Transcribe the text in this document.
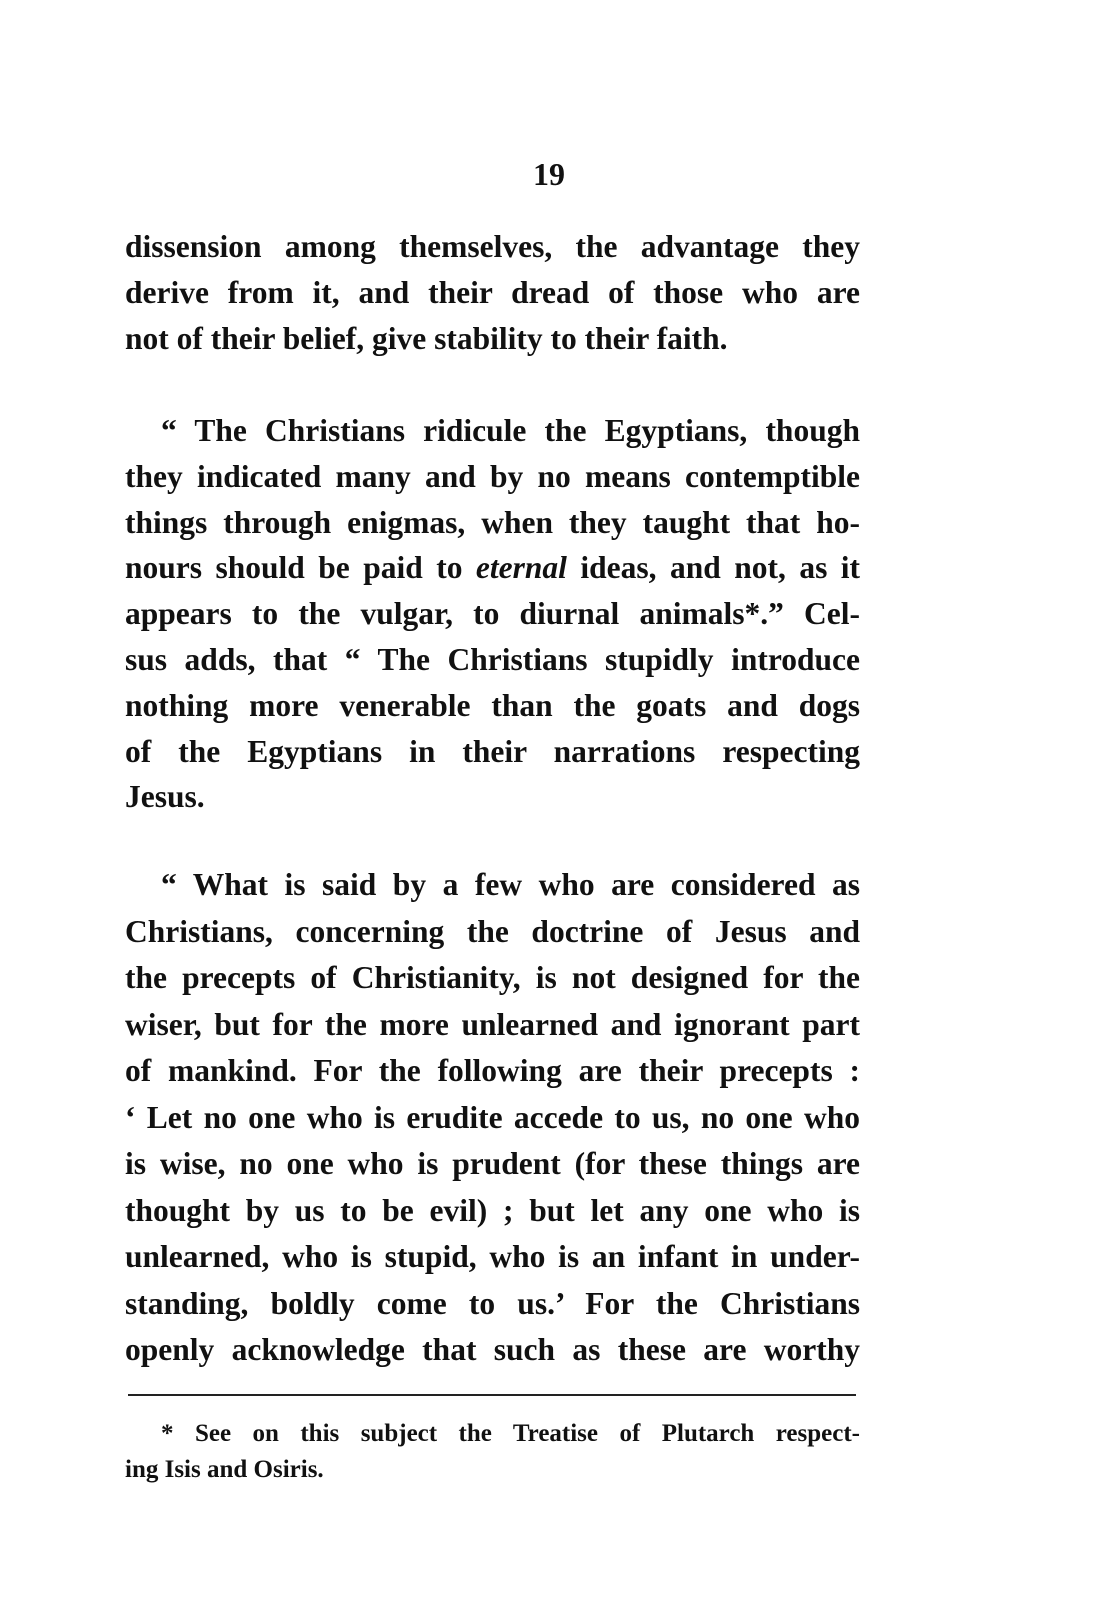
19
dissension among themselves, the advantage they
derive from it, and their dread of those who are
not of their belief, give stability to their faith.
“ The Christians ridicule the Egyptians, though
they indicated many and by no means contemptible
things through enigmas, when they taught that ho-
nours should be paid to eternal ideas, and not, as it
appears to the vulgar, to diurnal animals*.” Cel-
sus adds, that “ The Christians stupidly introduce
nothing more venerable than the goats and dogs
of the Egyptians in their narrations respecting
Jesus.
“ What is said by a few who are considered as
Christians, concerning the doctrine of Jesus and
the precepts of Christianity, is not designed for the
wiser, but for the more unlearned and ignorant part
of mankind. For the following are their precepts :
‘ Let no one who is erudite accede to us, no one who
is wise, no one who is prudent (for these things are
thought by us to be evil) ; but let any one who is
unlearned, who is stupid, who is an infant in under-
standing, boldly come to us.’ For the Christians
openly acknowledge that such as these are worthy
* See on this subject the Treatise of Plutarch respect-
ing Isis and Osiris.
